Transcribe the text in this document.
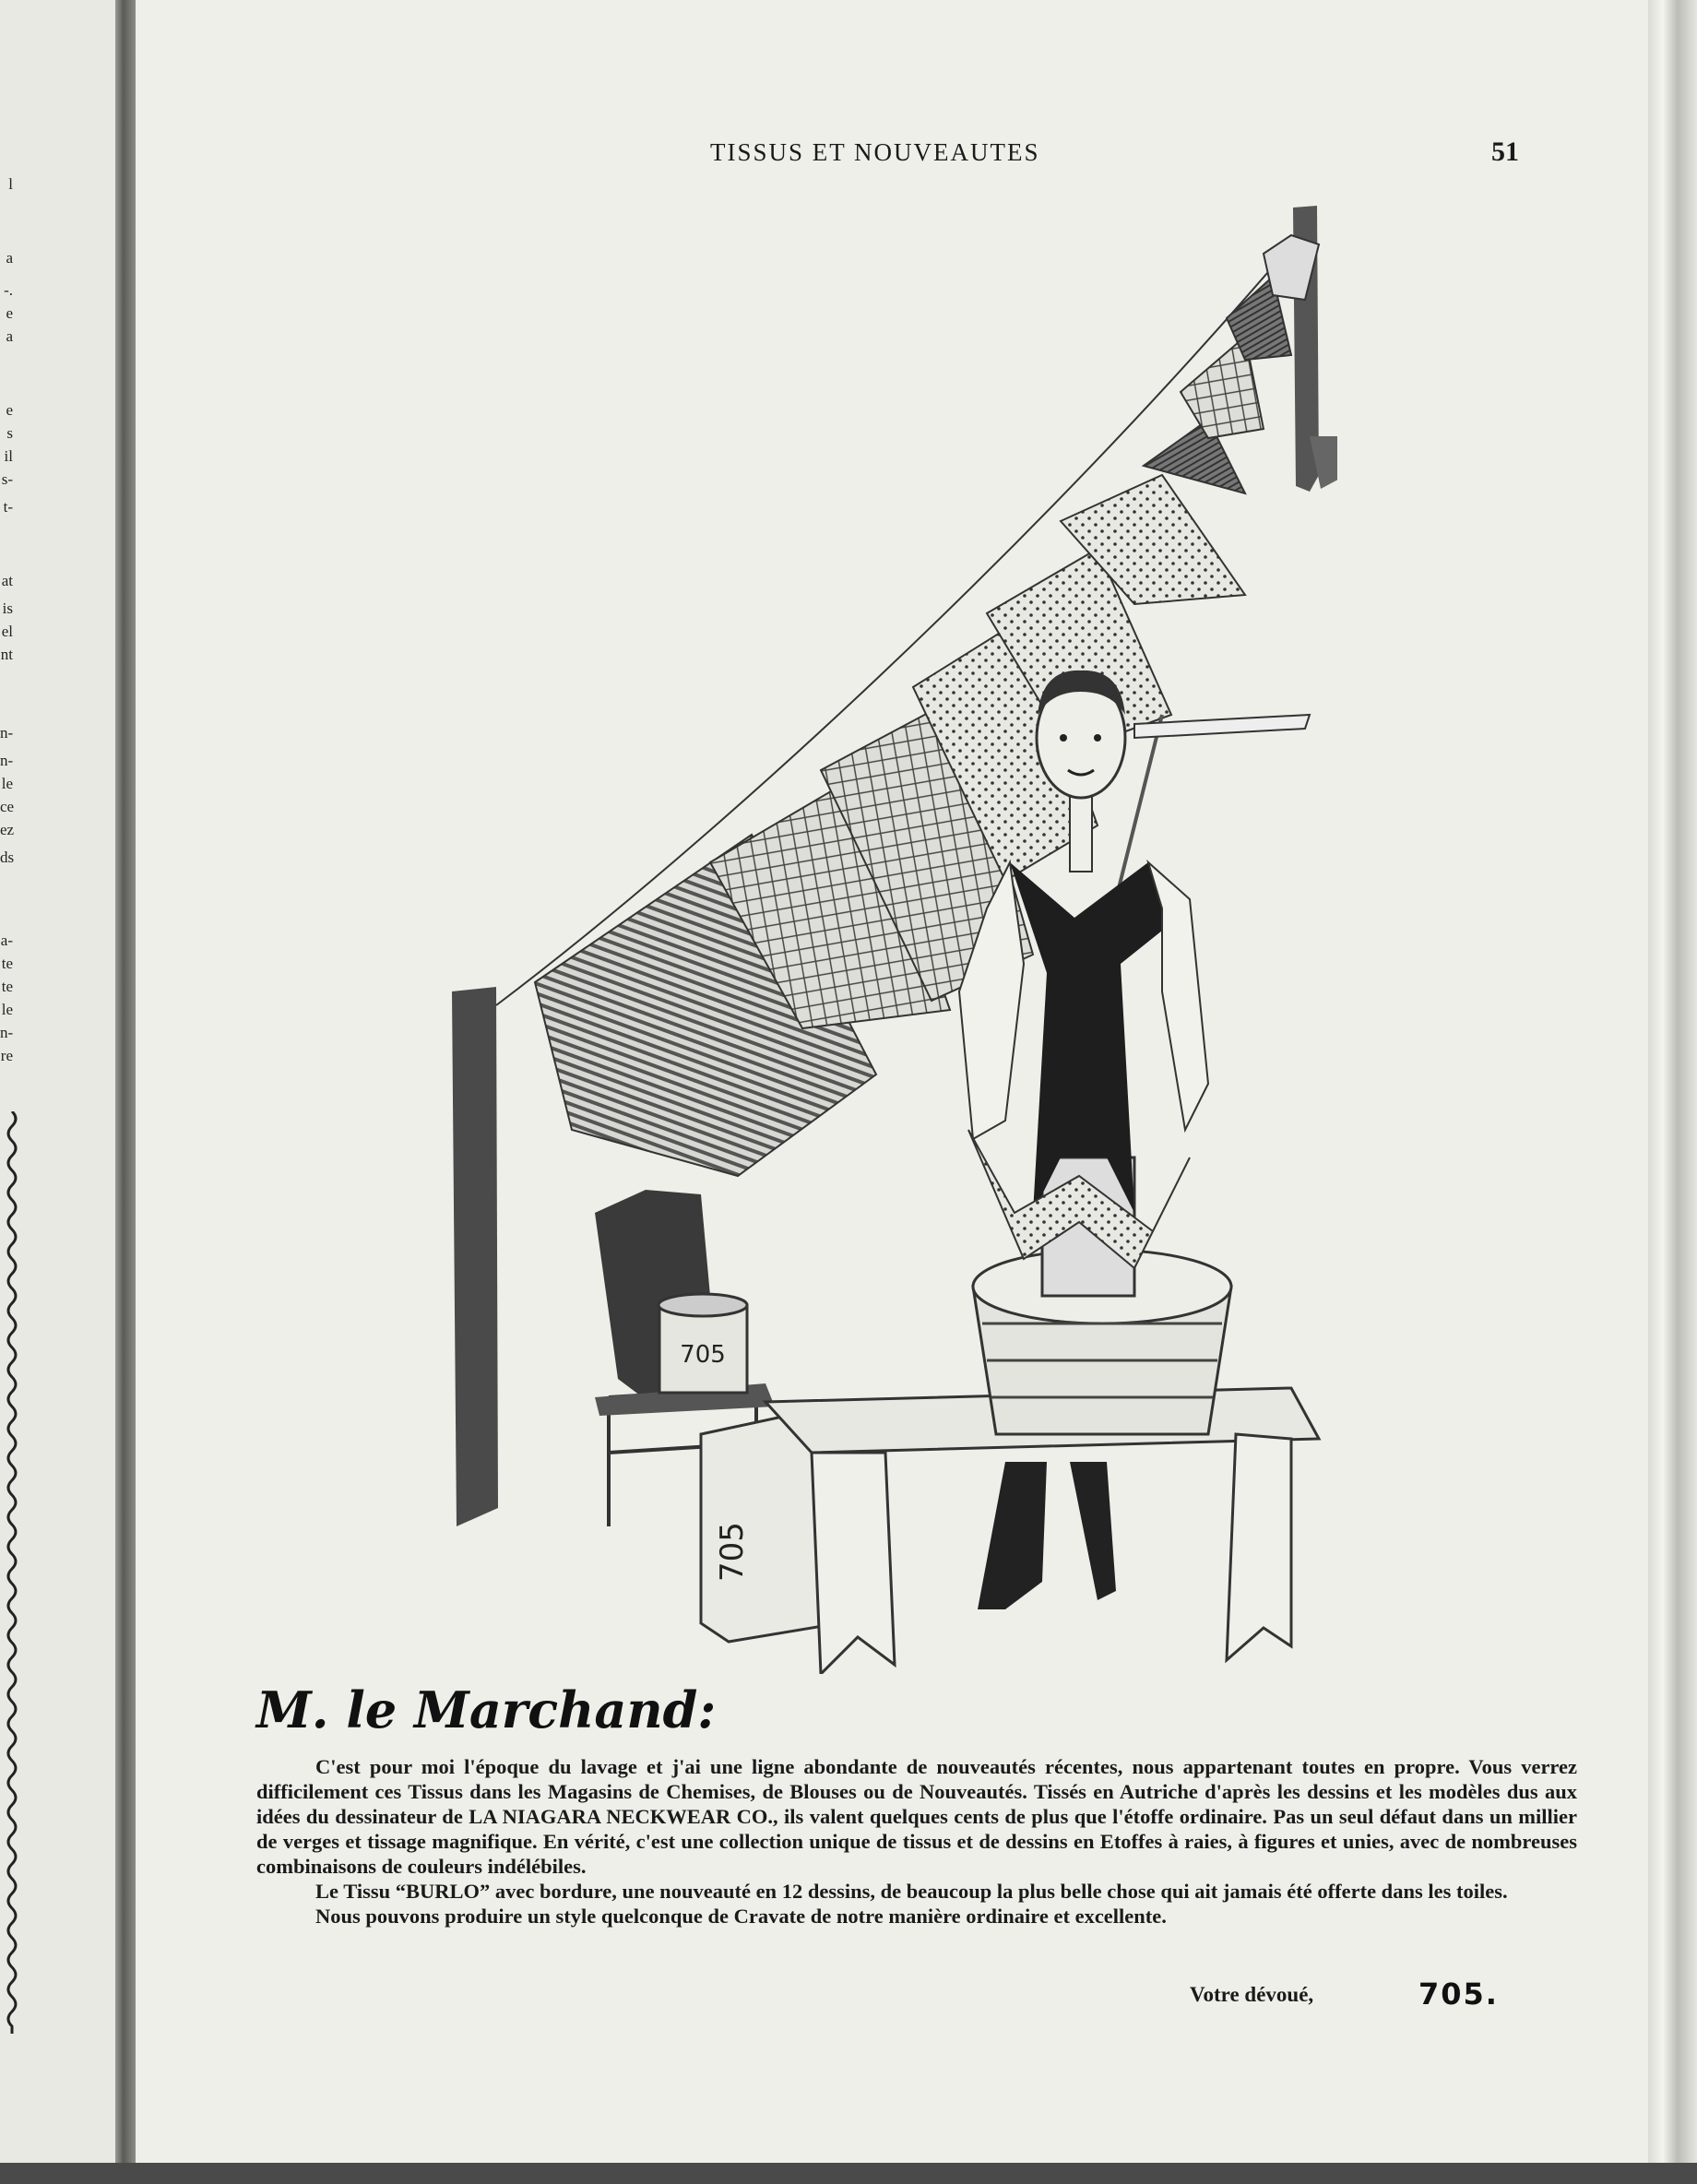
l
a
-.
e
a
e
s
il
s-
t-
at
is
el
nt
n-
n-
le
ce
ez
ds
a-
te
te
le
n-
re
TISSUS ET NOUVEAUTES	51
705
705
M. le Marchand:

C'est pour moi l'époque du lavage et j'ai une ligne abondante de nouveautés récentes, nous appartenant toutes en propre. Vous verrez difficilement ces Tissus dans les Magasins de Chemises, de Blouses ou de Nouveautés. Tissés en Autriche d'après les dessins et les modèles dus aux idées du dessinateur de LA NIAGARA NECKWEAR CO., ils valent quelques cents de plus que l'étoffe ordinaire. Pas un seul défaut dans un millier de verges et tissage magnifique. En vérité, c'est une collection unique de tissus et de dessins en Etoffes à raies, à figures et unies, avec de nombreuses combinaisons de couleurs indélébiles.

Le Tissu “BURLO” avec bordure, une nouveauté en 12 dessins, de beaucoup la plus belle chose qui ait jamais été offerte dans les toiles.

Nous pouvons produire un style quelconque de Cravate de notre manière ordinaire et excellente.

Votre dévoué,	705.
